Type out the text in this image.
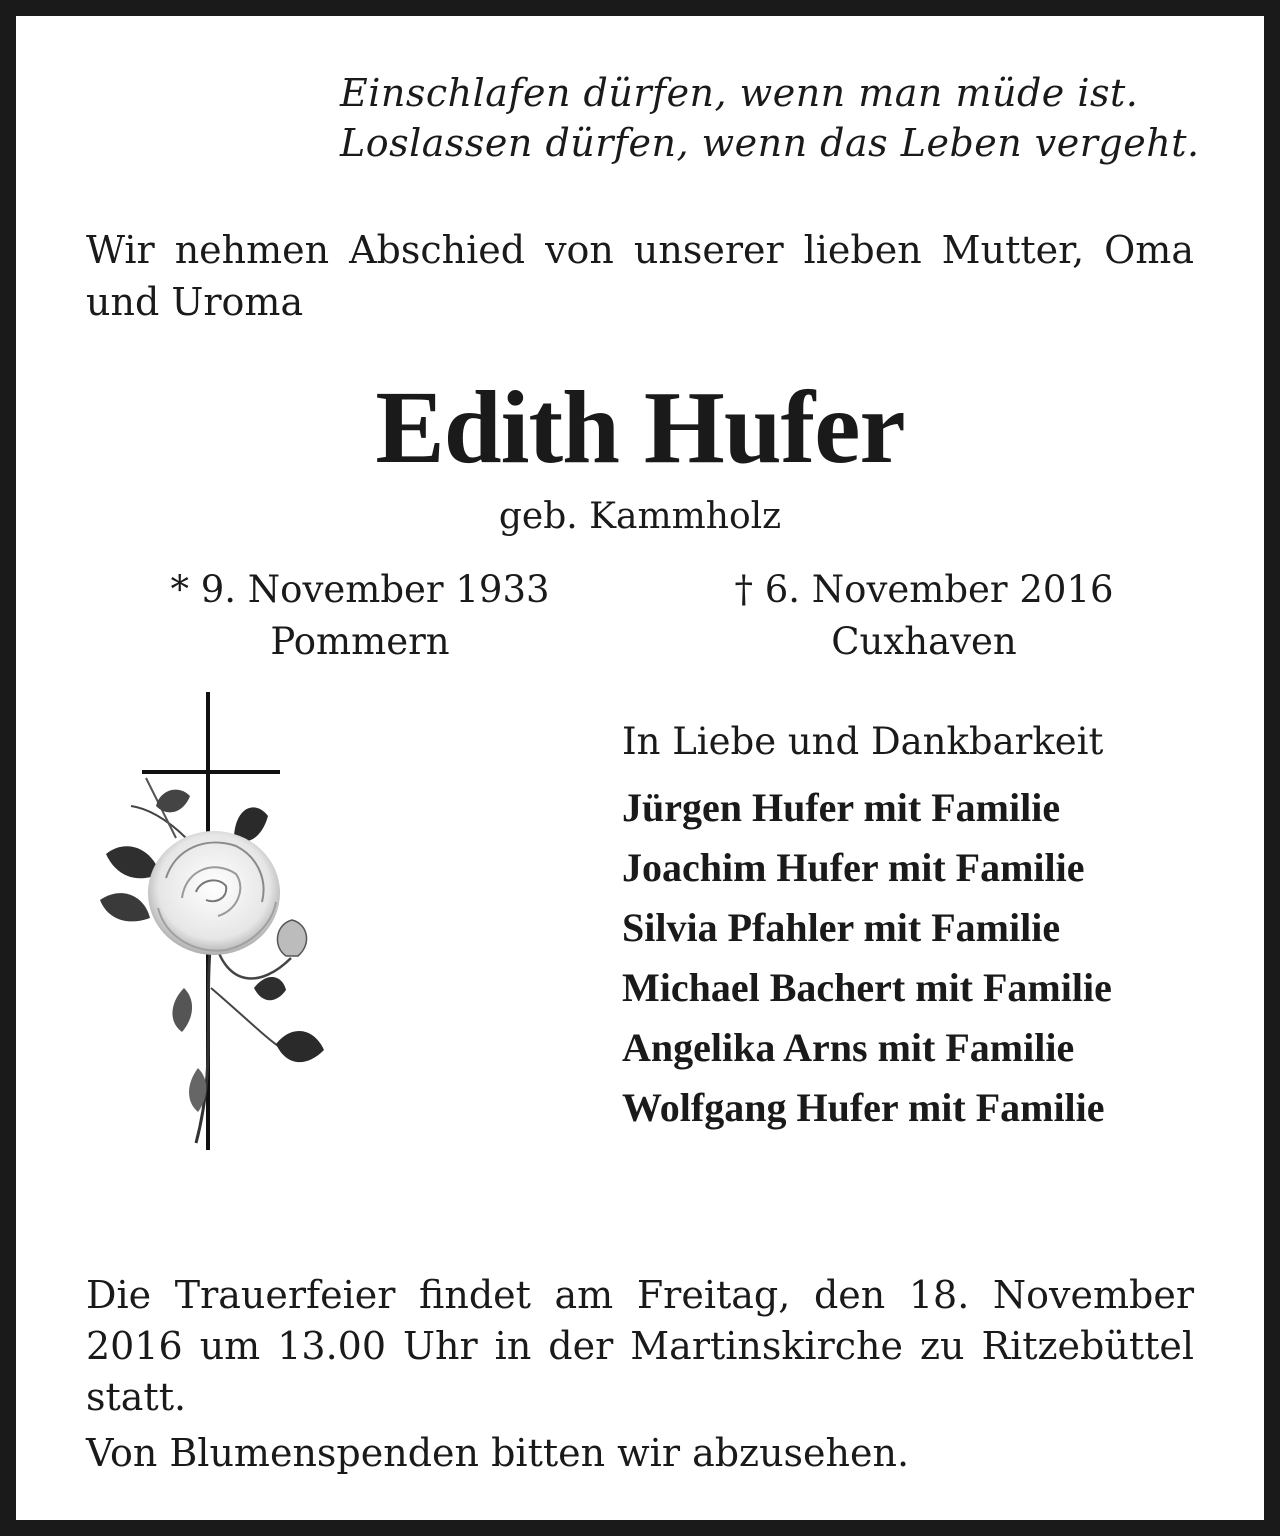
Einschlafen dürfen, wenn man müde ist.
Loslassen dürfen, wenn das Leben vergeht.

Wir nehmen Abschied von unserer lieben Mutter, Oma und Uroma

Edith Hufer
geb. Kammholz
* 9. November 1933
Pommern
† 6. November 2016
Cuxhaven
In Liebe und Dankbarkeit
Jürgen Hufer mit Familie
Joachim Hufer mit Familie
Silvia Pfahler mit Familie
Michael Bachert mit Familie
Angelika Arns mit Familie
Wolfgang Hufer mit Familie

Die Trauerfeier findet am Freitag, den 18. November 2016 um 13.00 Uhr in der Martinskirche zu Ritzebüttel statt.

Von Blumenspenden bitten wir abzusehen.
